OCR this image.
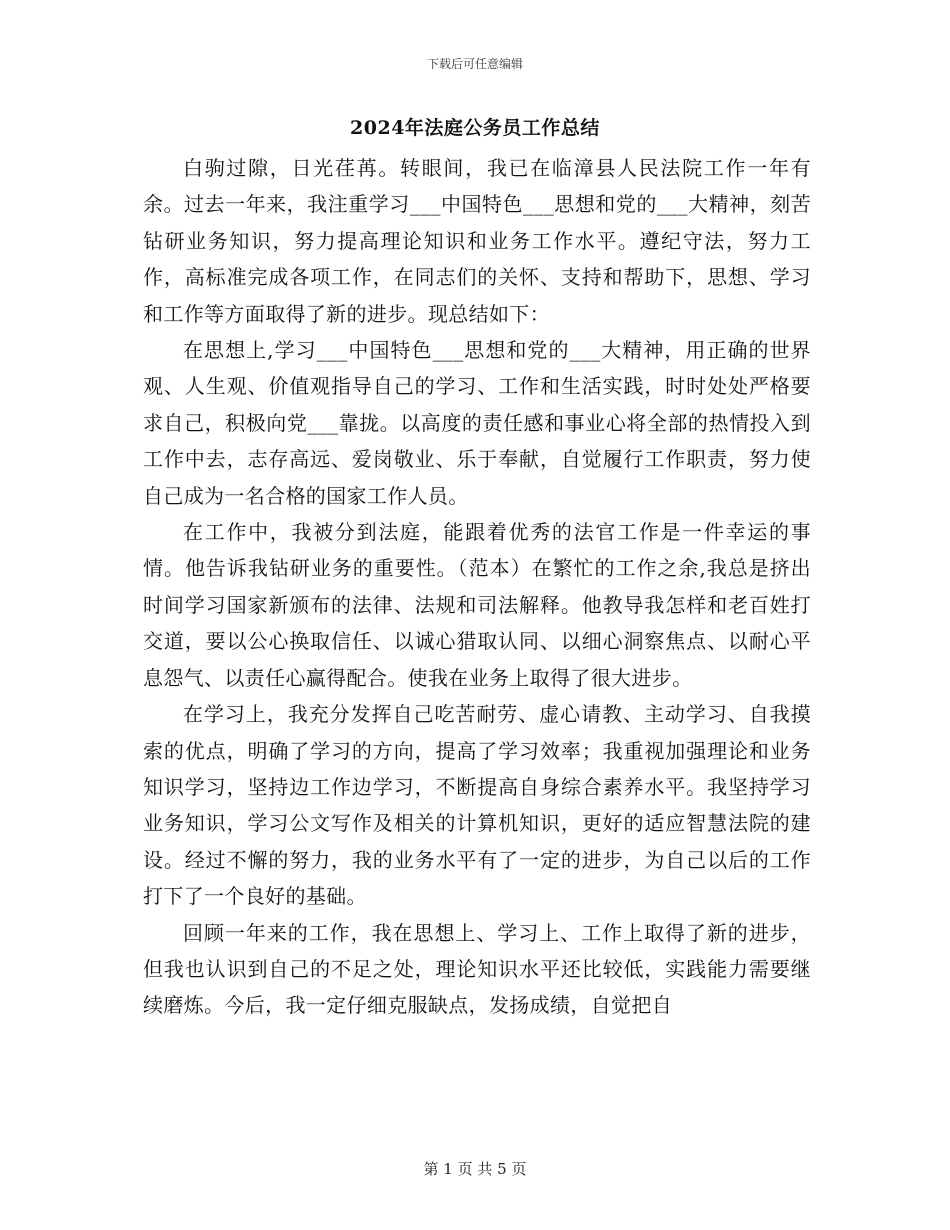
下载后可任意编辑
2024年法庭公务员工作总结

白驹过隙，日光荏苒。转眼间，我已在临漳县人民法院工作一年有余。过去一年来，我注重学习___中国特色___思想和党的___大精神，刻苦钻研业务知识，努力提高理论知识和业务工作水平。遵纪守法，努力工作，高标准完成各项工作，在同志们的关怀、支持和帮助下，思想、学习和工作等方面取得了新的进步。现总结如下：

在思想上,学习___中国特色___思想和党的___大精神，用正确的世界观、人生观、价值观指导自己的学习、工作和生活实践，时时处处严格要求自己，积极向党___靠拢。以高度的责任感和事业心将全部的热情投入到工作中去，志存高远、爱岗敬业、乐于奉献，自觉履行工作职责，努力使自己成为一名合格的国家工作人员。

在工作中，我被分到法庭，能跟着优秀的法官工作是一件幸运的事情。他告诉我钻研业务的重要性。（范本）在繁忙的工作之余,我总是挤出时间学习国家新颁布的法律、法规和司法解释。他教导我怎样和老百姓打交道，要以公心换取信任、以诚心猎取认同、以细心洞察焦点、以耐心平息怨气、以责任心赢得配合。使我在业务上取得了很大进步。

在学习上，我充分发挥自己吃苦耐劳、虚心请教、主动学习、自我摸索的优点，明确了学习的方向，提高了学习效率；我重视加强理论和业务知识学习，坚持边工作边学习，不断提高自身综合素养水平。我坚持学习业务知识，学习公文写作及相关的计算机知识，更好的适应智慧法院的建设。经过不懈的努力，我的业务水平有了一定的进步，为自己以后的工作打下了一个良好的基础。

回顾一年来的工作，我在思想上、学习上、工作上取得了新的进步，但我也认识到自己的不足之处，理论知识水平还比较低，实践能力需要继续磨炼。今后，我一定仔细克服缺点，发扬成绩，自觉把自

第 1 页 共 5 页
